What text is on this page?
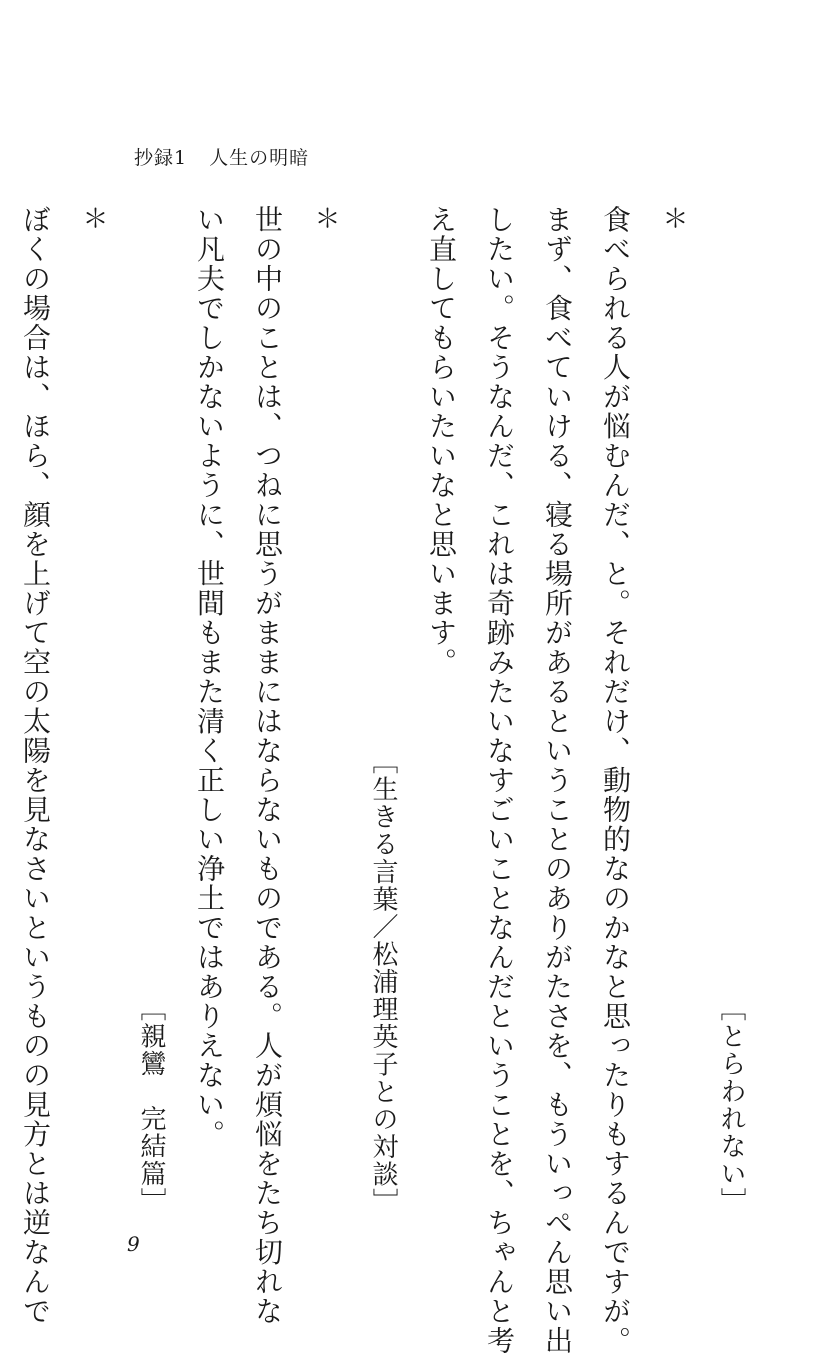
抄録1 人生の明暗

［とらわれない］

＊

食べられる人が悩むんだ、と。それだけ、動物的なのかなと思ったりもするんですが。

まず、食べていける、寝る場所があるということのありがたさを、もういっぺん思い出

したい。そうなんだ、これは奇跡みたいなすごいことなんだということを、ちゃんと考

え直してもらいたいなと思います。

［生きる言葉／松浦理英子との対談］

＊

世の中のことは、つねに思うがままにはならないものである。人が煩悩をたち切れな

い凡夫でしかないように、世間もまた清く正しい浄土ではありえない。

［親鸞　完結篇］

＊

ぼくの場合は、ほら、顔を上げて空の太陽を見なさいというものの見方とは逆なんで	9
